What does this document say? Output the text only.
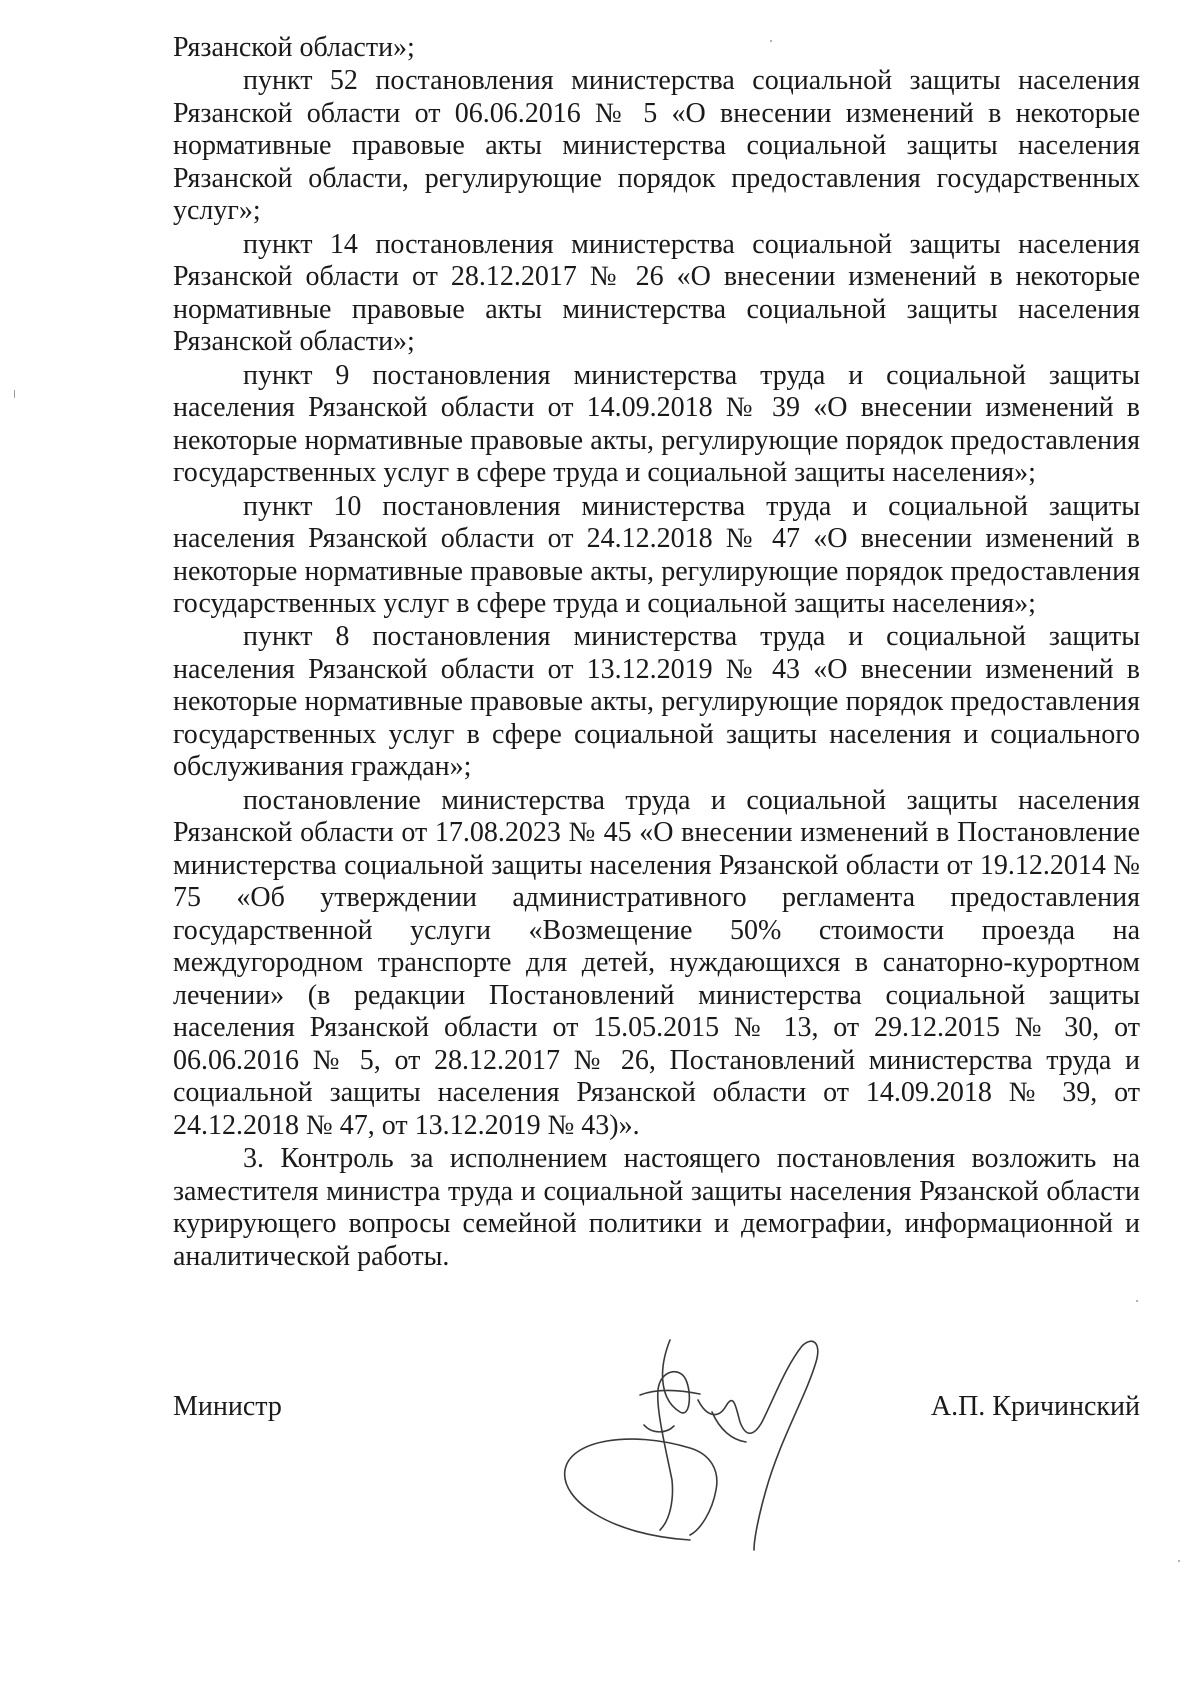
Рязанской области»;

пункт 52 постановления министерства социальной защиты населения Рязанской области от 06.06.2016 № 5 «О внесении изменений в некоторые нормативные правовые акты министерства социальной защиты населения Рязанской области, регулирующие порядок предоставления государственных услуг»;

пункт 14 постановления министерства социальной защиты населения Рязанской области от 28.12.2017 № 26 «О внесении изменений в некоторые нормативные правовые акты министерства социальной защиты населения Рязанской области»;

пункт 9 постановления министерства труда и социальной защиты населения Рязанской области от 14.09.2018 № 39 «О внесении изменений в некоторые нормативные правовые акты, регулирующие порядок предоставления государственных услуг в сфере труда и социальной защиты населения»;

пункт 10 постановления министерства труда и социальной защиты населения Рязанской области от 24.12.2018 № 47 «О внесении изменений в некоторые нормативные правовые акты, регулирующие порядок предоставления государственных услуг в сфере труда и социальной защиты населения»;

пункт 8 постановления министерства труда и социальной защиты населения Рязанской области от 13.12.2019 № 43 «О внесении изменений в некоторые нормативные правовые акты, регулирующие порядок предоставления государственных услуг в сфере социальной защиты населения и социального обслуживания граждан»;

постановление министерства труда и социальной защиты населения Рязанской области от 17.08.2023 № 45 «О внесении изменений в Постановление министерства социальной защиты населения Рязанской области от 19.12.2014 № 75 «Об утверждении административного регламента предоставления государственной услуги «Возмещение 50% стоимости проезда на междугородном транспорте для детей, нуждающихся в санаторно-курортном лечении» (в редакции Постановлений министерства социальной защиты населения Рязанской области от 15.05.2015 № 13, от 29.12.2015 № 30, от 06.06.2016 № 5, от 28.12.2017 № 26, Постановлений министерства труда и социальной защиты населения Рязанской области от 14.09.2018 № 39, от 24.12.2018 № 47, от 13.12.2019 № 43)».

3. Контроль за исполнением настоящего постановления возложить на заместителя министра труда и социальной защиты населения Рязанской области курирующего вопросы семейной политики и демографии, информационной и аналитической работы.

Министр	А.П. Кричинский
